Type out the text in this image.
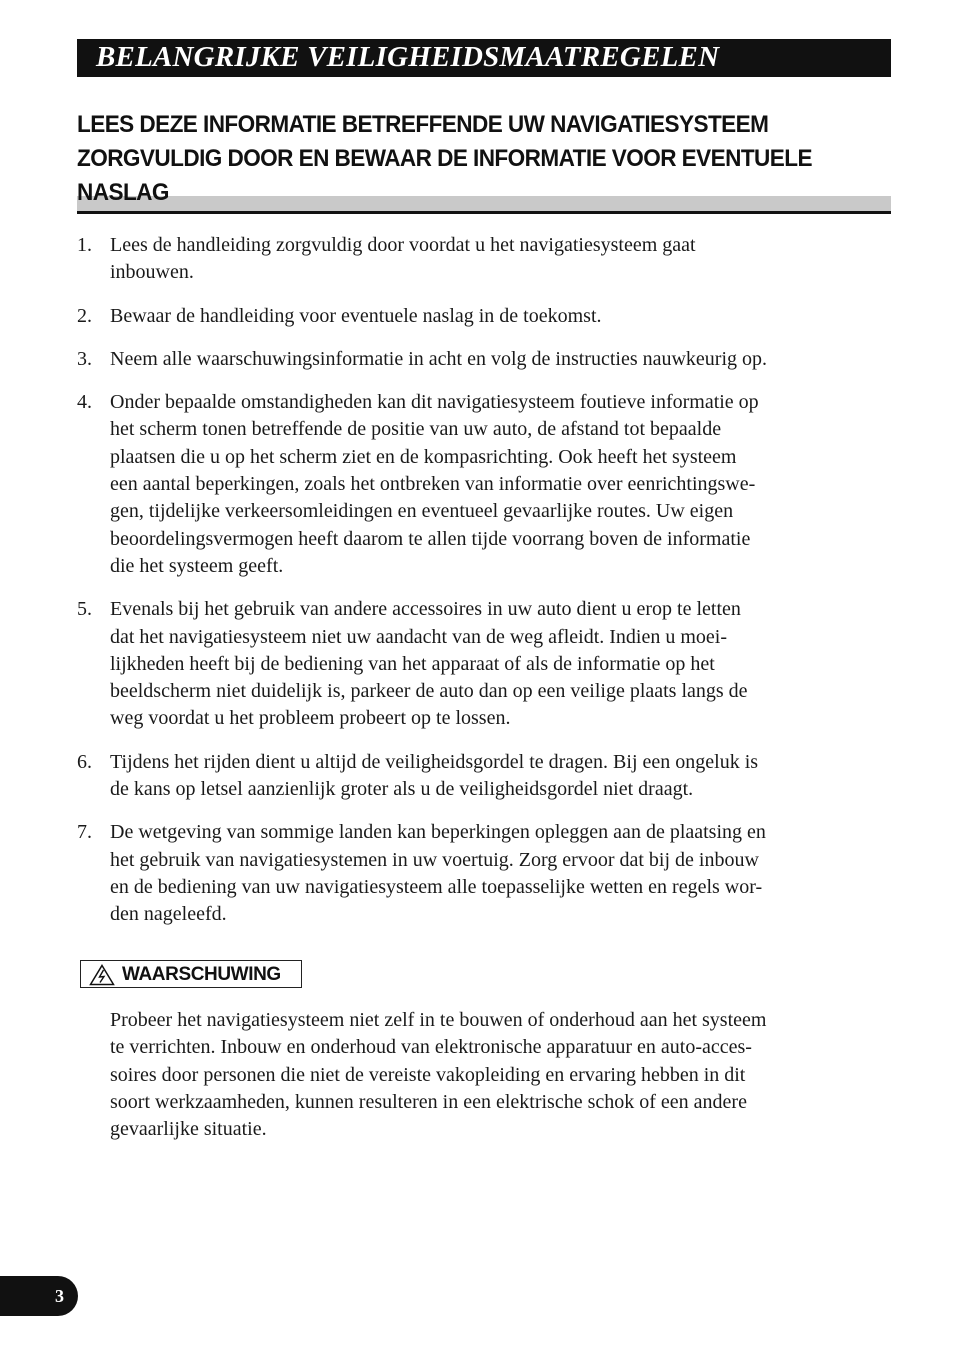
BELANGRIJKE VEILIGHEIDSMAATREGELEN
LEES DEZE INFORMATIE BETREFFENDE UW NAVIGATIESYSTEEM
ZORGVULDIG DOOR EN BEWAAR DE INFORMATIE VOOR EVENTUELE
NASLAG
1. Lees de handleiding zorgvuldig door voordat u het navigatiesysteem gaat
inbouwen.
2. Bewaar de handleiding voor eventuele naslag in de toekomst.
3. Neem alle waarschuwingsinformatie in acht en volg de instructies nauwkeurig op.
4. Onder bepaalde omstandigheden kan dit navigatiesysteem foutieve informatie op
het scherm tonen betreffende de positie van uw auto, de afstand tot bepaalde
plaatsen die u op het scherm ziet en de kompasrichting. Ook heeft het systeem
een aantal beperkingen, zoals het ontbreken van informatie over eenrichtingswe-
gen, tijdelijke verkeersomleidingen en eventueel gevaarlijke routes. Uw eigen
beoordelingsvermogen heeft daarom te allen tijde voorrang boven de informatie
die het systeem geeft.
5. Evenals bij het gebruik van andere accessoires in uw auto dient u erop te letten
dat het navigatiesysteem niet uw aandacht van de weg afleidt. Indien u moei-
lijkheden heeft bij de bediening van het apparaat of als de informatie op het
beeldscherm niet duidelijk is, parkeer de auto dan op een veilige plaats langs de
weg voordat u het probleem probeert op te lossen.
6. Tijdens het rijden dient u altijd de veiligheidsgordel te dragen. Bij een ongeluk is
de kans op letsel aanzienlijk groter als u de veiligheidsgordel niet draagt.
7. De wetgeving van sommige landen kan beperkingen opleggen aan de plaatsing en
het gebruik van navigatiesystemen in uw voertuig. Zorg ervoor dat bij de inbouw
en de bediening van uw navigatiesysteem alle toepasselijke wetten en regels wor-
den nageleefd.
WAARSCHUWING
Probeer het navigatiesysteem niet zelf in te bouwen of onderhoud aan het systeem
te verrichten. Inbouw en onderhoud van elektronische apparatuur en auto-acces-
soires door personen die niet de vereiste vakopleiding en ervaring hebben in dit
soort werkzaamheden, kunnen resulteren in een elektrische schok of een andere
gevaarlijke situatie.
3
